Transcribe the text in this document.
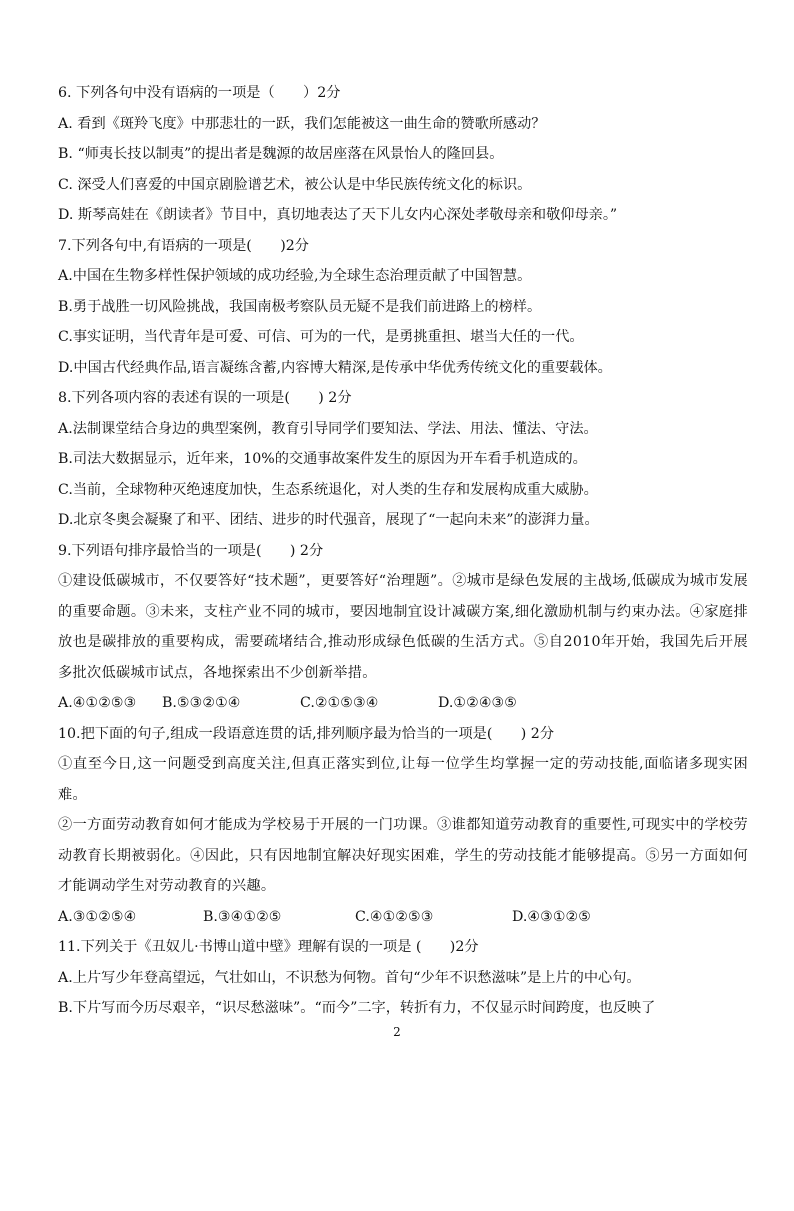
6. 下列各句中没有语病的一项是（　　）2分
A. 看到《斑羚飞度》中那悲壮的一跃，我们怎能被这一曲生命的赞歌所感动？
B. “师夷长技以制夷”的提出者是魏源的故居座落在风景怡人的隆回县。
C. 深受人们喜爱的中国京剧脸谱艺术，被公认是中华民族传统文化的标识。
D. 斯琴高娃在《朗读者》节目中，真切地表达了天下儿女内心深处孝敬母亲和敬仰母亲。”
7.下列各句中,有语病的一项是(　　)2分
A.中国在生物多样性保护领域的成功经验,为全球生态治理贡献了中国智慧。
B.勇于战胜一切风险挑战，我国南极考察队员无疑不是我们前进路上的榜样。
C.事实证明，当代青年是可爱、可信、可为的一代，是勇挑重担、堪当大任的一代。
D.中国古代经典作品,语言凝练含蓄,内容博大精深,是传承中华优秀传统文化的重要载体。
8.下列各项内容的表述有误的一项是(　　) 2分
A.法制课堂结合身边的典型案例，教育引导同学们要知法、学法、用法、懂法、守法。
B.司法大数据显示，近年来，10%的交通事故案件发生的原因为开车看手机造成的。
C.当前，全球物种灭绝速度加快，生态系统退化，对人类的生存和发展构成重大威胁。
D.北京冬奥会凝聚了和平、团结、进步的时代强音，展现了“一起向未来”的澎湃力量。
9.下列语句排序最恰当的一项是(　　) 2分
①建设低碳城市，不仅要答好“技术题”，更要答好“治理题”。②城市是绿色发展的主战场,低碳成为城市发展的重要命题。③未来，支柱产业不同的城市，要因地制宜设计减碳方案,细化激励机制与约束办法。④家庭排放也是碳排放的重要构成，需要疏堵结合,推动形成绿色低碳的生活方式。⑤自2010年开始，我国先后开展多批次低碳城市试点，各地探索出不少创新举措。
A.④①②⑤③	B.⑤③②①④	C.②①⑤③④	D.①②④③⑤
10.把下面的句子,组成一段语意连贯的话,排列顺序最为恰当的一项是(　　) 2分
①直至今日,这一问题受到高度关注,但真正落实到位,让每一位学生均掌握一定的劳动技能,面临诸多现实困难。
②一方面劳动教育如何才能成为学校易于开展的一门功课。③谁都知道劳动教育的重要性,可现实中的学校劳动教育长期被弱化。④因此，只有因地制宜解决好现实困难，学生的劳动技能才能够提高。⑤另一方面如何才能调动学生对劳动教育的兴趣。
A.③①②⑤④	B.③④①②⑤	C.④①②⑤③	D.④③①②⑤
11.下列关于《丑奴儿·书博山道中壁》理解有误的一项是 (　　)2分
A.上片写少年登高望远，气壮如山，不识愁为何物。首句“少年不识愁滋味”是上片的中心句。
B.下片写而今历尽艰辛，“识尽愁滋味”。“而今”二字，转折有力，不仅显示时间跨度，也反映了
2
